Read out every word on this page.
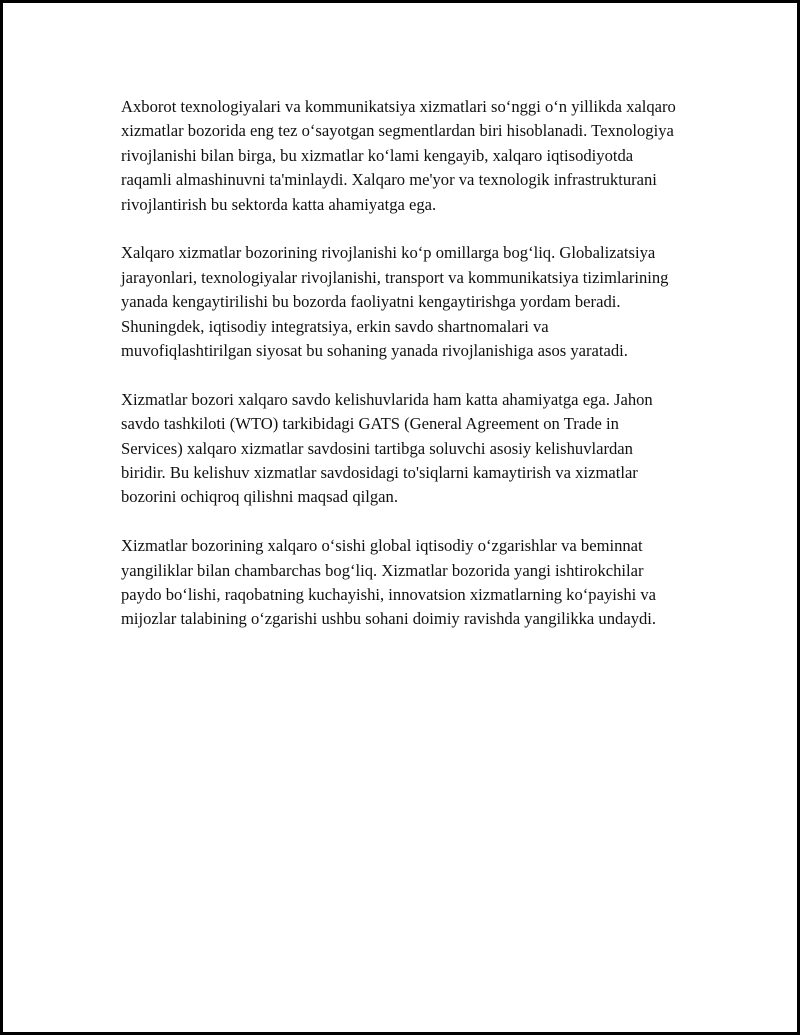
Axborot texnologiyalari va kommunikatsiya xizmatlari so‘nggi o‘n yillikda xalqaro xizmatlar bozorida eng tez o‘sayotgan segmentlardan biri hisoblanadi. Texnologiya rivojlanishi bilan birga, bu xizmatlar ko‘lami kengayib, xalqaro iqtisodiyotda raqamli almashinuvni ta'minlaydi. Xalqaro me'yor va texnologik infrastrukturani rivojlantirish bu sektorda katta ahamiyatga ega.

Xalqaro xizmatlar bozorining rivojlanishi ko‘p omillarga bog‘liq. Globalizatsiya jarayonlari, texnologiyalar rivojlanishi, transport va kommunikatsiya tizimlarining yanada kengaytirilishi bu bozorda faoliyatni kengaytirishga yordam beradi. Shuningdek, iqtisodiy integratsiya, erkin savdo shartnomalari va muvofiqlashtirilgan siyosat bu sohaning yanada rivojlanishiga asos yaratadi.

Xizmatlar bozori xalqaro savdo kelishuvlarida ham katta ahamiyatga ega. Jahon savdo tashkiloti (WTO) tarkibidagi GATS (General Agreement on Trade in Services) xalqaro xizmatlar savdosini tartibga soluvchi asosiy kelishuvlardan biridir. Bu kelishuv xizmatlar savdosidagi to'siqlarni kamaytirish va xizmatlar bozorini ochiqroq qilishni maqsad qilgan.

Xizmatlar bozorining xalqaro o‘sishi global iqtisodiy o‘zgarishlar va beminnat yangiliklar bilan chambarchas bog‘liq. Xizmatlar bozorida yangi ishtirokchilar paydo bo‘lishi, raqobatning kuchayishi, innovatsion xizmatlarning ko‘payishi va mijozlar talabining o‘zgarishi ushbu sohani doimiy ravishda yangilikka undaydi.
